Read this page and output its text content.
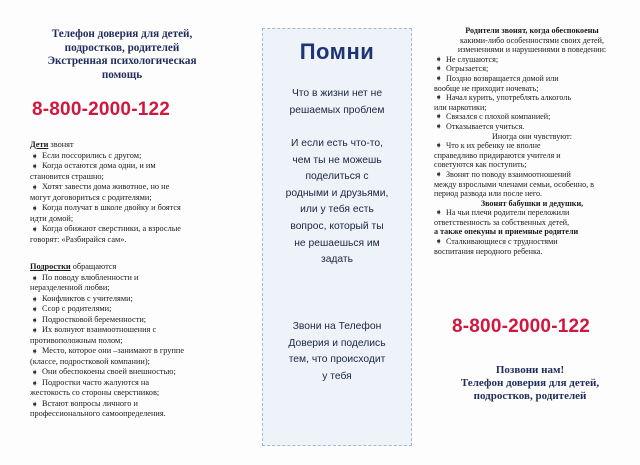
Телефон доверия для детей,
подростков, родителей
Экстренная психологическая
помощь
8-800-2000-122
Дети звонят
➧ Если поссорились с другом;
➧ Когда остаются дома одни, и им
становится страшно;
➧ Хотят завести дома животное, но не
могут договориться с родителями;
➧ Когда получат в школе двойку и боятся
идти домой;
➧ Когда обижают сверстники, а взрослые
говорят: «Разбирайся сам».
Подростки обращаются
➧ По поводу влюбленности и
неразделенной любви;
➧ Конфликтов с учителями;
➧ Ссор с родителями;
➧ Подростковой беременности;
➧ Их волнуют взаимоотношения с
противоположным полом;
➧ Место, которое они –занимают в группе
(классе, подростковой компании);
➧ Они обеспокоены своей внешностью;
➧ Подростки часто жалуются на
жестокость со стороны сверстников;
➧ Встают вопросы личного и
профессионального самоопределения.
Помни
Что в жизни нет не
решаемых проблем
И если есть что-то,
чем ты не можешь
поделиться с
родными и друзьями,
или у тебя есть
вопрос, который ты
не решаешься им
задать
Звони на Телефон
Доверия и поделись
тем, что происходит
у тебя
Родители звонят, когда обеспокоены
какими-либо особенностями своих детей,
изменениями и нарушениями в поведении:
➧ Не слушаются;
➧ Огрызается;
➧ Поздно возвращается домой или
вообще не приходит ночевать;
➧ Начал курить, употреблять алкоголь
или наркотики;
➧ Связался с плохой компанией;
➧ Отказывается учиться.
Иногда они чувствуют:
➧ Что к их ребенку не вполне
справедливо придираются учителя и
советуются как поступить;
➧ Звонят по поводу взаимоотношений
между взрослыми членами семьи, особенно, в
период развода или после него.
Звонят бабушки и дедушки,
➧ На чьи плечи родители переложили
ответственность за собственных детей,
а также опекуны и приемные родители
➧ Сталкивающиеся с трудностями
воспитания неродного ребенка.
8-800-2000-122
Позвони нам!
Телефон доверия для детей,
подростков, родителей
